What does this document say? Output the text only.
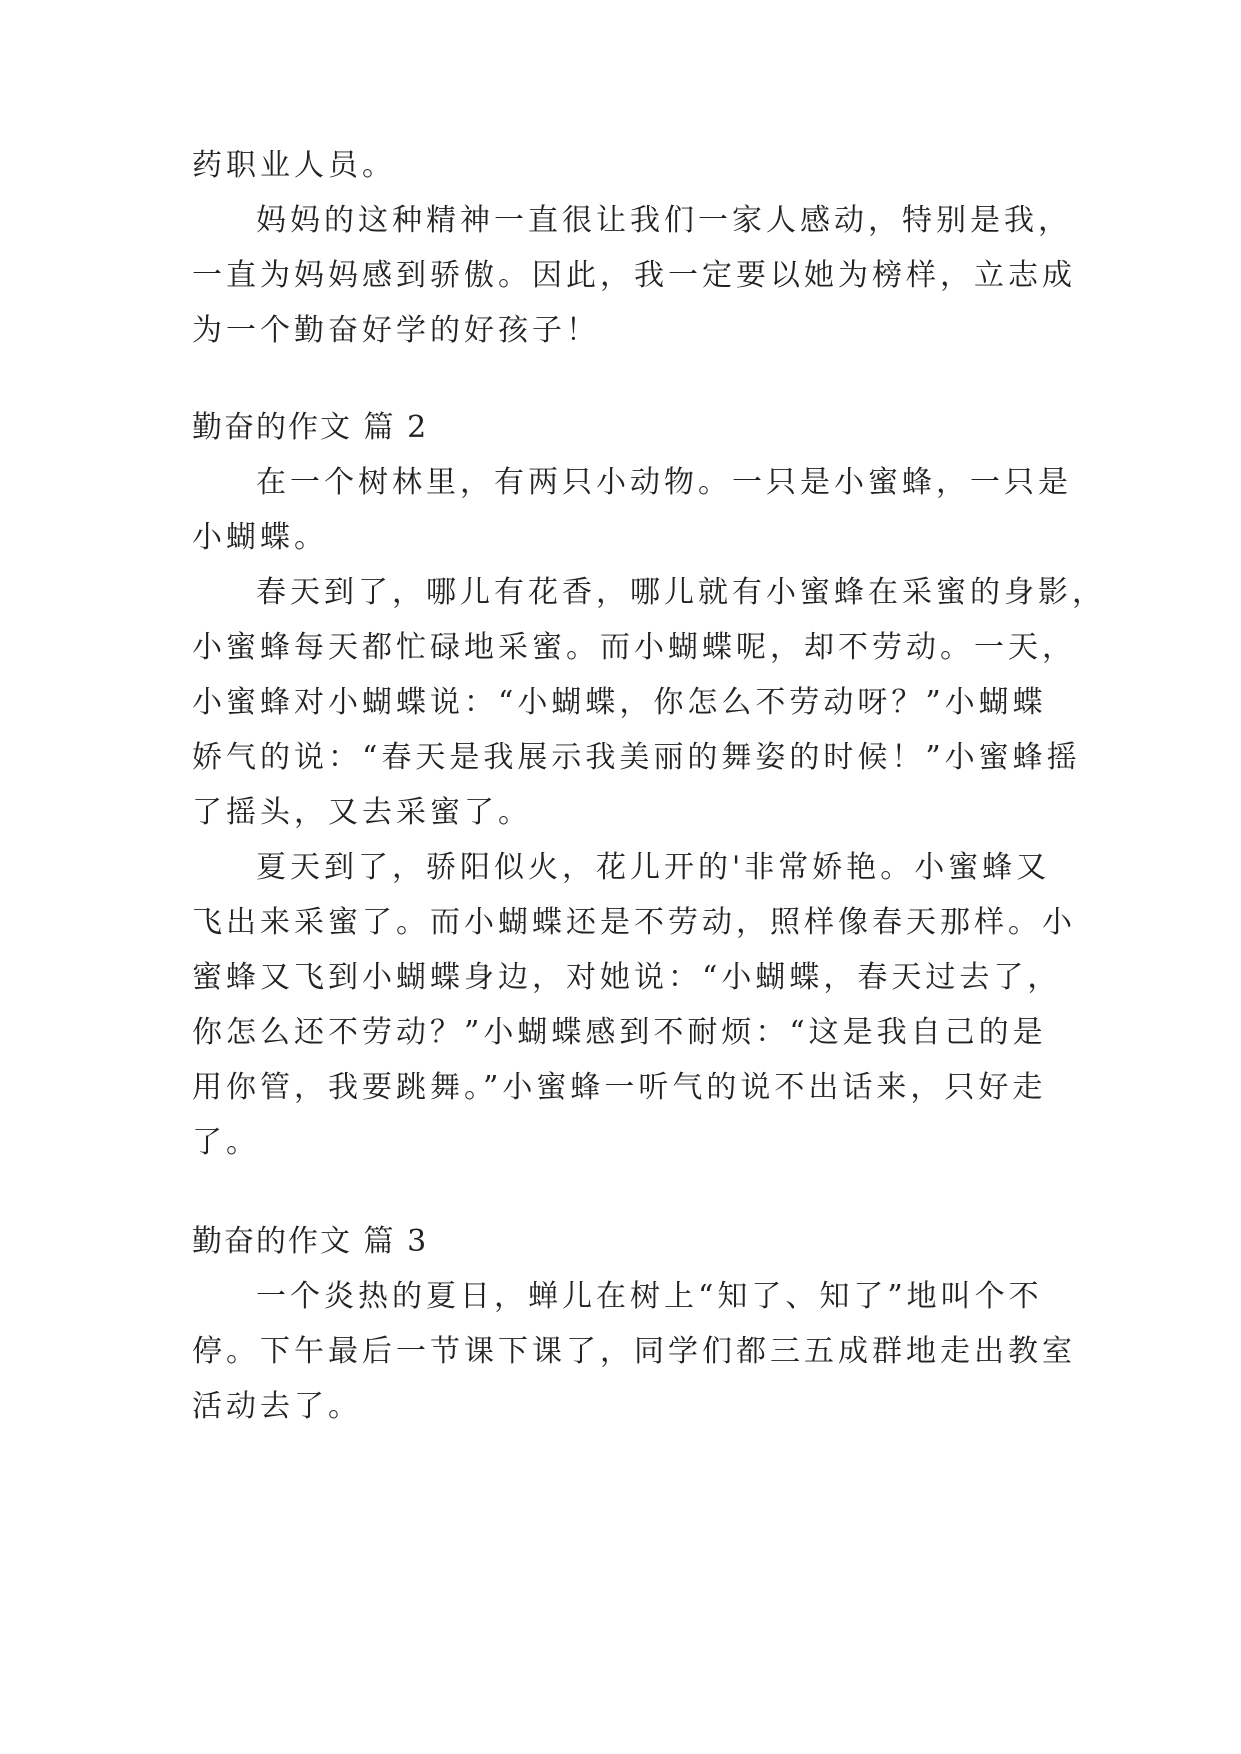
药职业人员。
妈妈的这种精神一直很让我们一家人感动，特别是我，
一直为妈妈感到骄傲。因此，我一定要以她为榜样，立志成
为一个勤奋好学的好孩子！
勤奋的作文 篇 2
在一个树林里，有两只小动物。一只是小蜜蜂，一只是
小蝴蝶。
春天到了，哪儿有花香，哪儿就有小蜜蜂在采蜜的身影，
小蜜蜂每天都忙碌地采蜜。而小蝴蝶呢，却不劳动。一天，
小蜜蜂对小蝴蝶说：“小蝴蝶，你怎么不劳动呀？”小蝴蝶
娇气的说：“春天是我展示我美丽的舞姿的时候！”小蜜蜂摇
了摇头，又去采蜜了。
夏天到了，骄阳似火，花儿开的'非常娇艳。小蜜蜂又
飞出来采蜜了。而小蝴蝶还是不劳动，照样像春天那样。小
蜜蜂又飞到小蝴蝶身边，对她说：“小蝴蝶，春天过去了，
你怎么还不劳动？”小蝴蝶感到不耐烦：“这是我自己的是
用你管，我要跳舞。”小蜜蜂一听气的说不出话来，只好走
了。
勤奋的作文 篇 3
一个炎热的夏日，蝉儿在树上“知了、知了”地叫个不
停。下午最后一节课下课了，同学们都三五成群地走出教室
活动去了。
